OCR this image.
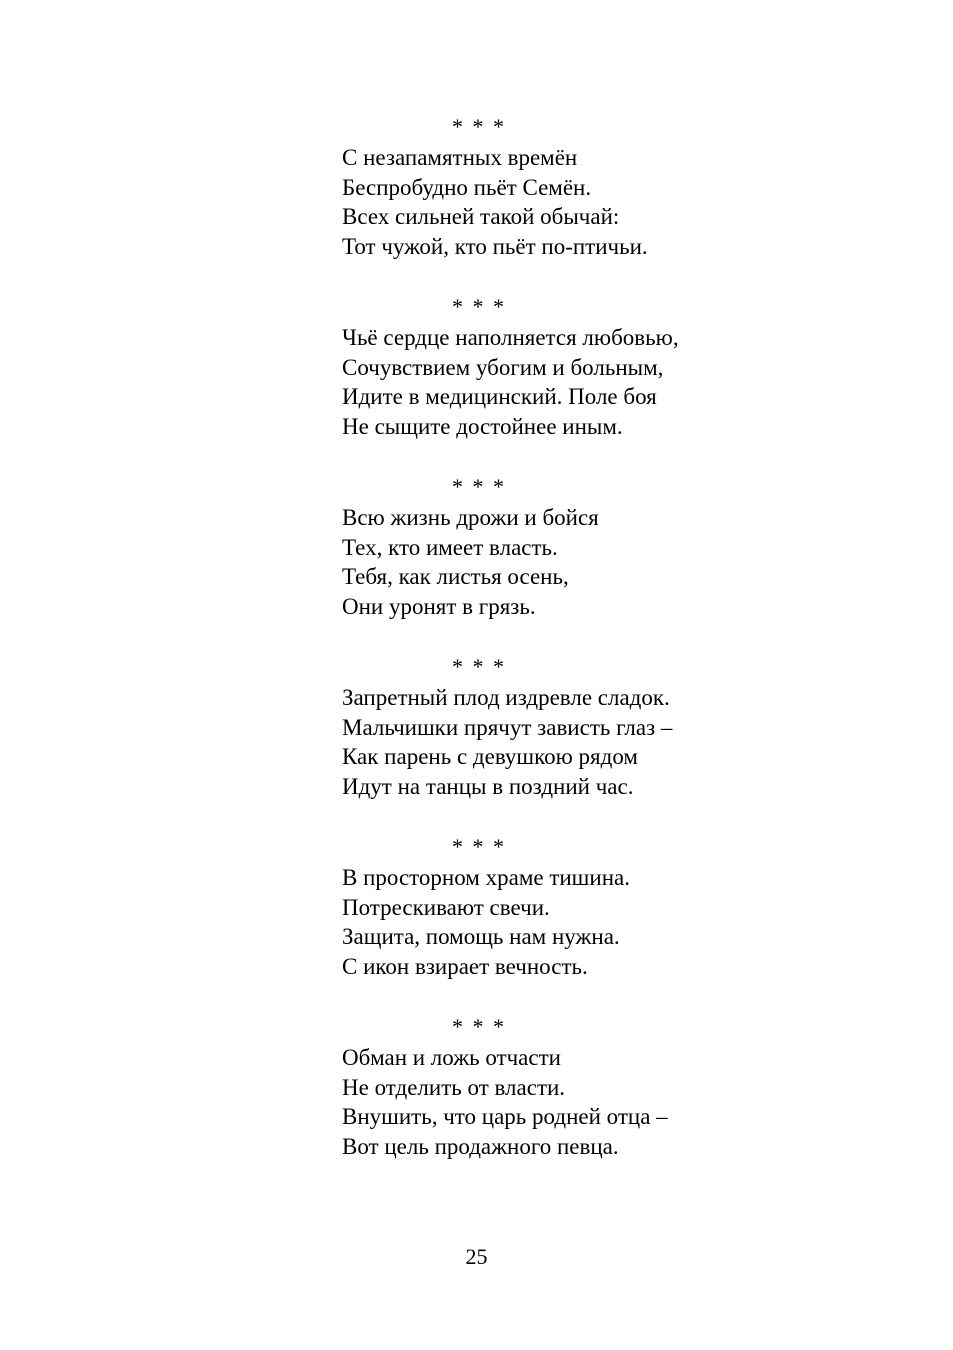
* * *
С незапамятных времён
Беспробудно пьёт Семён.
Всех сильней такой обычай:
Тот чужой, кто пьёт по-птичьи.
* * *
Чьё сердце наполняется любовью,
Сочувствием убогим и больным,
Идите в медицинский. Поле боя
Не сыщите достойнее иным.
* * *
Всю жизнь дрожи и бойся
Тех, кто имеет власть.
Тебя, как листья осень,
Они уронят в грязь.
* * *
Запретный плод издревле сладок.
Мальчишки прячут зависть глаз –
Как парень с девушкою рядом
Идут на танцы в поздний час.
* * *
В просторном храме тишина.
Потрескивают свечи.
Защита, помощь нам нужна.
С икон взирает вечность.
* * *
Обман и ложь отчасти
Не отделить от власти.
Внушить, что царь родней отца –
Вот цель продажного певца.
25
